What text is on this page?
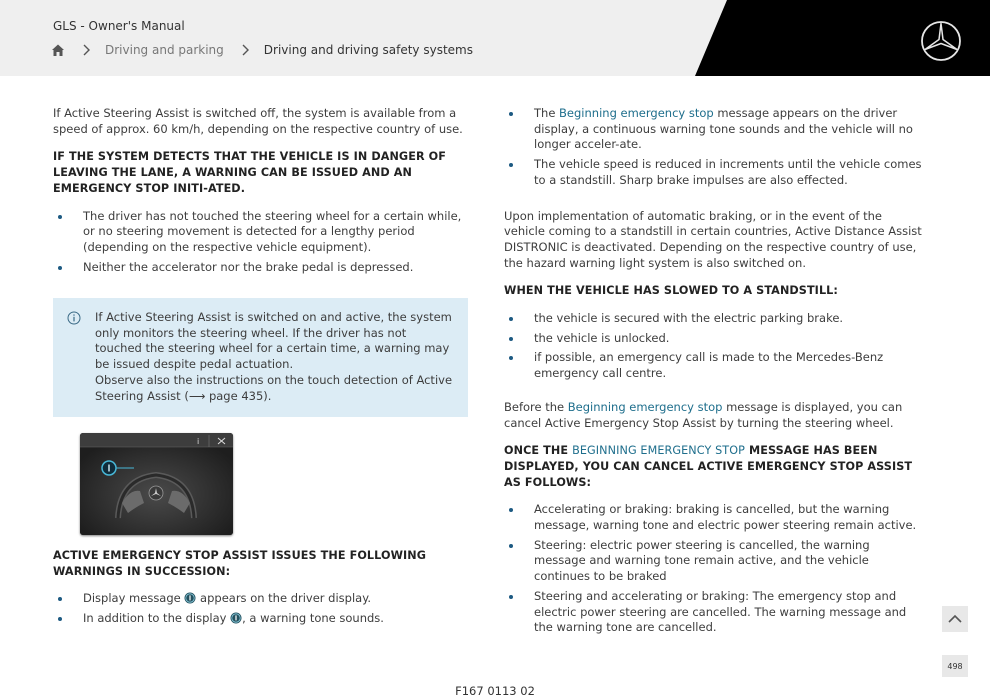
GLS - Owner's Manual
Driving and parking	Driving and driving safety systems
If Active Steering Assist is switched off, the system is available from a speed of approx. 60 km/h, depending on the respective country of use.
IF THE SYSTEM DETECTS THAT THE VEHICLE IS IN DANGER OF LEAVING THE LANE, A WARNING CAN BE ISSUED AND AN EMERGENCY STOP INITI-ATED.
The driver has not touched the steering wheel for a certain while, or no steering movement is detected for a lengthy period (depending on the respective vehicle equipment).
Neither the accelerator nor the brake pedal is depressed.
If Active Steering Assist is switched on and active, the system only monitors the steering wheel. If the driver has not touched the steering wheel for a certain time, a warning may be issued despite pedal actuation.
Observe also the instructions on the touch detection of Active Steering Assist (⟶ page 435).
i
ACTIVE EMERGENCY STOP ASSIST ISSUES THE FOLLOWING WARNINGS IN SUCCESSION:
Display message appears on the driver display.
In addition to the display , a warning tone sounds.
The Beginning emergency stop message appears on the driver display, a continuous warning tone sounds and the vehicle will no longer acceler-ate.
The vehicle speed is reduced in increments until the vehicle comes to a standstill. Sharp brake impulses are also effected.
Upon implementation of automatic braking, or in the event of the vehicle coming to a standstill in certain countries, Active Distance Assist DISTRONIC is deactivated. Depending on the respective country of use, the hazard warning light system is also switched on.
WHEN THE VEHICLE HAS SLOWED TO A STANDSTILL:
the vehicle is secured with the electric parking brake.
the vehicle is unlocked.
if possible, an emergency call is made to the Mercedes-Benz emergency call centre.
Before the Beginning emergency stop message is displayed, you can cancel Active Emergency Stop Assist by turning the steering wheel.
ONCE THE BEGINNING EMERGENCY STOP MESSAGE HAS BEEN DISPLAYED, YOU CAN CANCEL ACTIVE EMERGENCY STOP ASSIST AS FOLLOWS:
Accelerating or braking: braking is cancelled, but the warning message, warning tone and electric power steering remain active.
Steering: electric power steering is cancelled, the warning message and warning tone remain active, and the vehicle continues to be braked
Steering and accelerating or braking: The emergency stop and electric power steering are cancelled. The warning message and the warning tone are cancelled.
498
F167 0113 02
